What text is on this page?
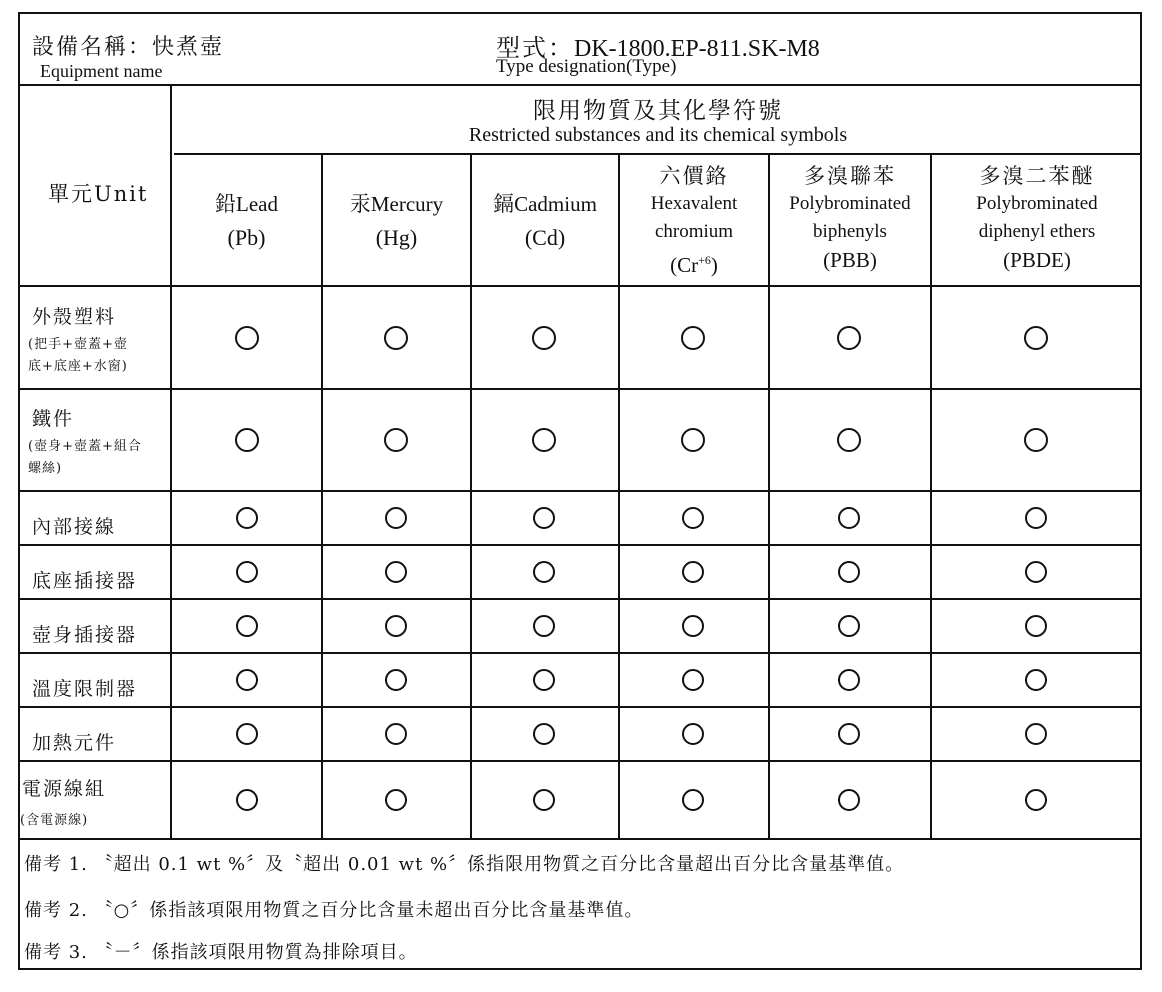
設備名稱：快煮壺
Equipment name
型式：DK-1800.EP-811.SK-M8
Type designation(Type)
單元Unit
限用物質及其化學符號
Restricted substances and its chemical symbols
鉛Lead
(Pb)
汞Mercury
(Hg)
鎘Cadmium
(Cd)
六價鉻
Hexavalent
chromium
$(Cr^{+6})$
多溴聯苯
Polybrominated
biphenyls
(PBB)
多溴二苯醚
Polybrominated
diphenyl ethers
(PBDE)
外殼塑料
(把手+壺蓋+壺
底+底座+水窗)
鐵件
(壺身+壺蓋+組合
螺絲)
內部接線
底座插接器
壺身插接器
溫度限制器
加熱元件
電源線組
(含電源線)
備考 1. 〝超出 0.1 wt %〞及〝超出 0.01 wt %〞係指限用物質之百分比含量超出百分比含量基準值。
備考 2. 〝○〞係指該項限用物質之百分比含量未超出百分比含量基準值。
備考 3. 〝－〞係指該項限用物質為排除項目。
